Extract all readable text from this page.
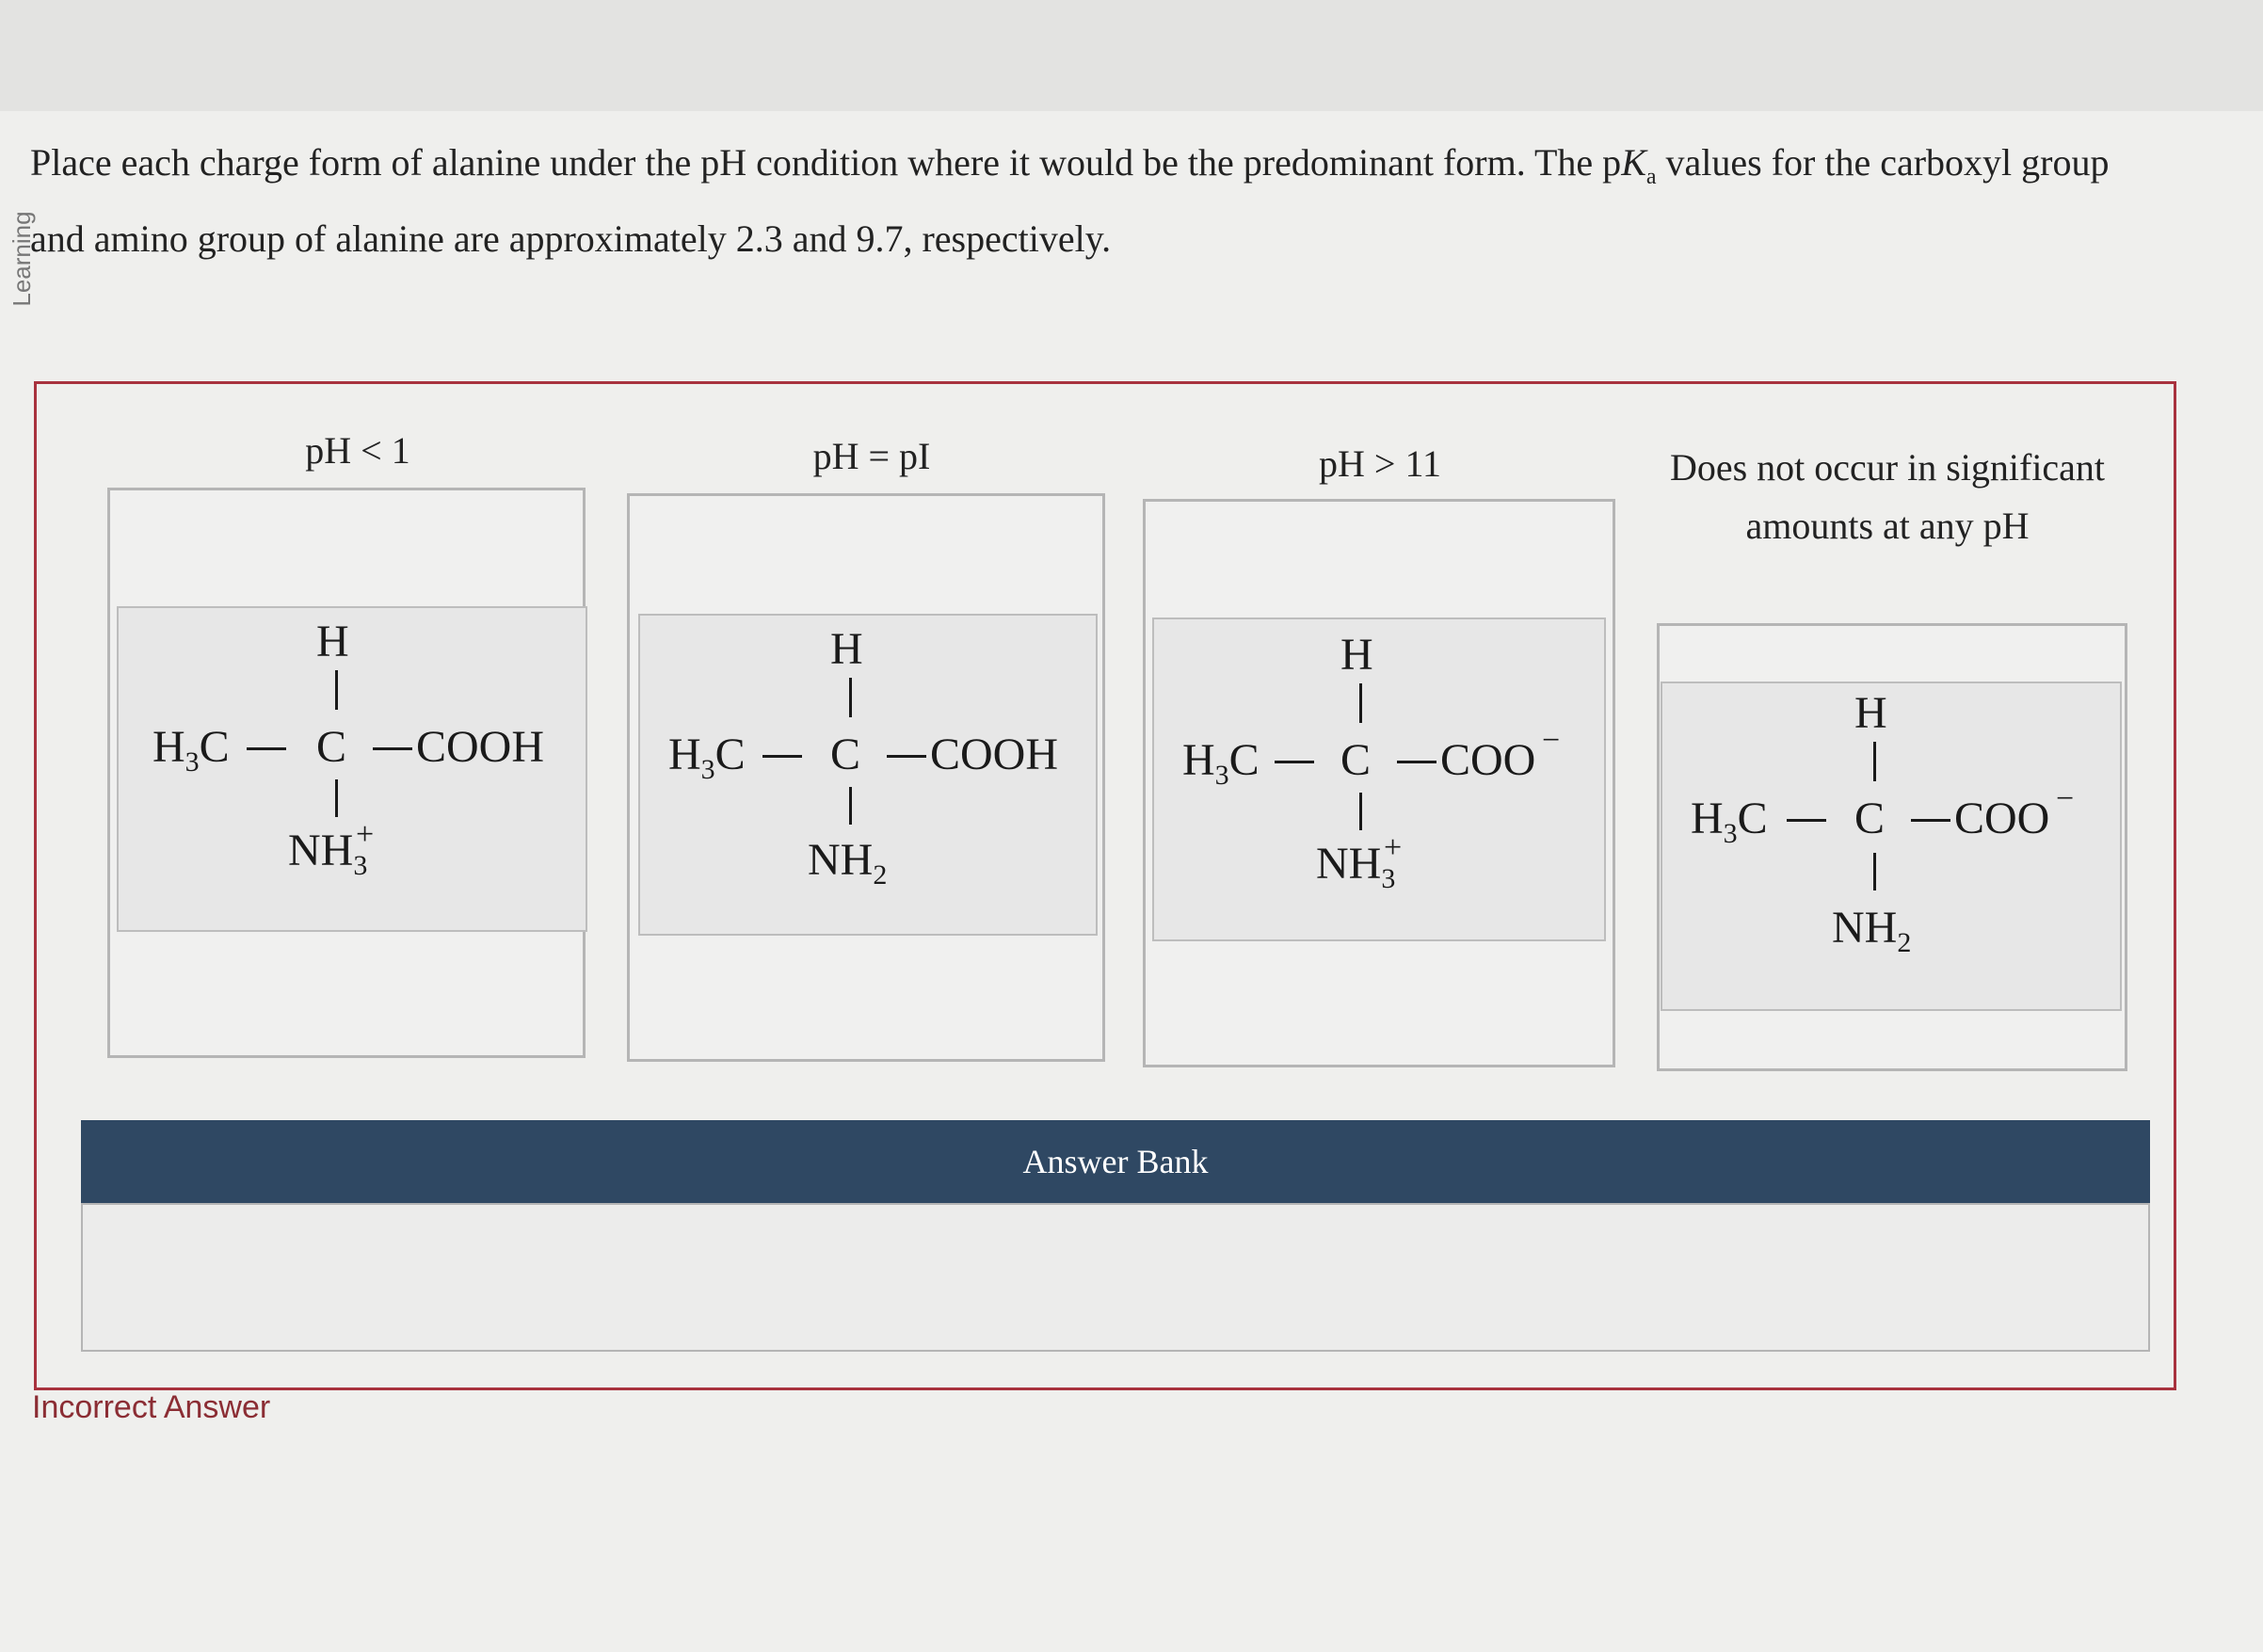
Learning
Place each charge form of alanine under the pH condition where it would be the predominant form. The $pK_a$ values for the carboxyl group and amino group of alanine are approximately 2.3 and 9.7, respectively.
pH < 1	pH = pI	pH > 11	Does not occur in significant amounts at any pH
H
$H_3C$ C COOH
$NH_3$
+
H
$H_3C$ C COOH
$NH_2$
H
$H_3C$ C COO −
$NH_3$
+
H
$H_3C$ C COO −
$NH_2$
Answer Bank
Incorrect Answer
